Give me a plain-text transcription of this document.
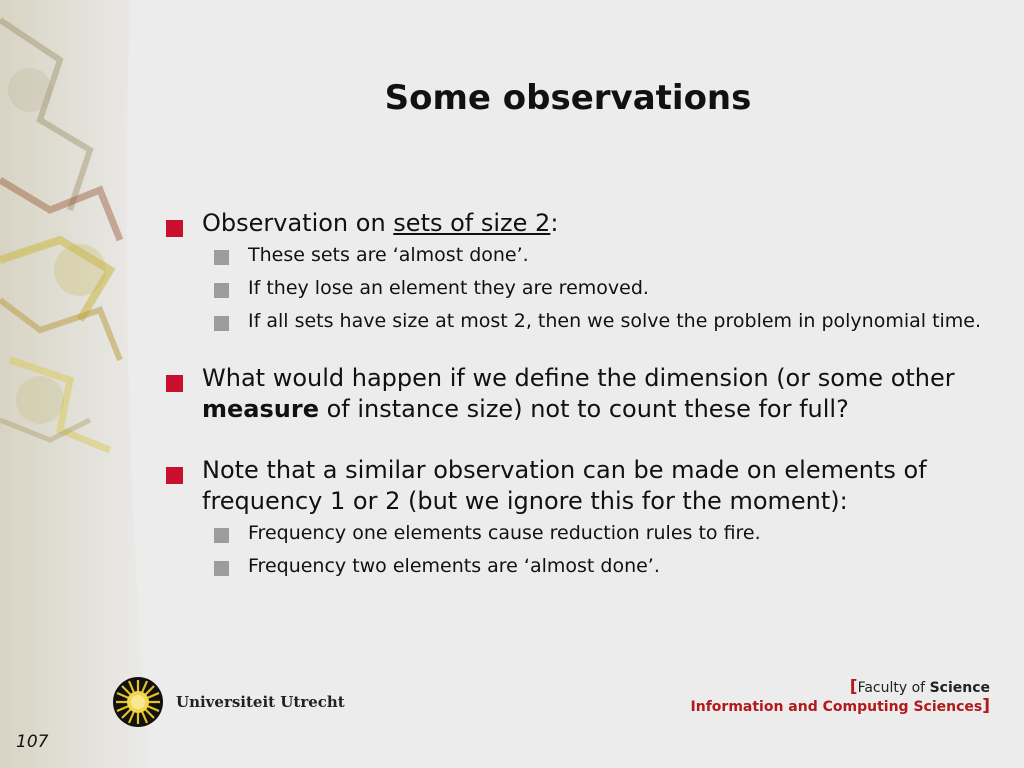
Some observations
Observation on sets of size 2:
These sets are ‘almost done’.
If they lose an element they are removed.
If all sets have size at most 2, then we solve the problem in polynomial time.
What would happen if we define the dimension (or some other measure of instance size) not to count these for full?
Note that a similar observation can be made on elements of frequency 1 or 2 (but we ignore this for the moment):
Frequency one elements cause reduction rules to fire.
Frequency two elements are ‘almost done’.
Universiteit Utrecht
[Faculty of Science
Information and Computing Sciences]
107
